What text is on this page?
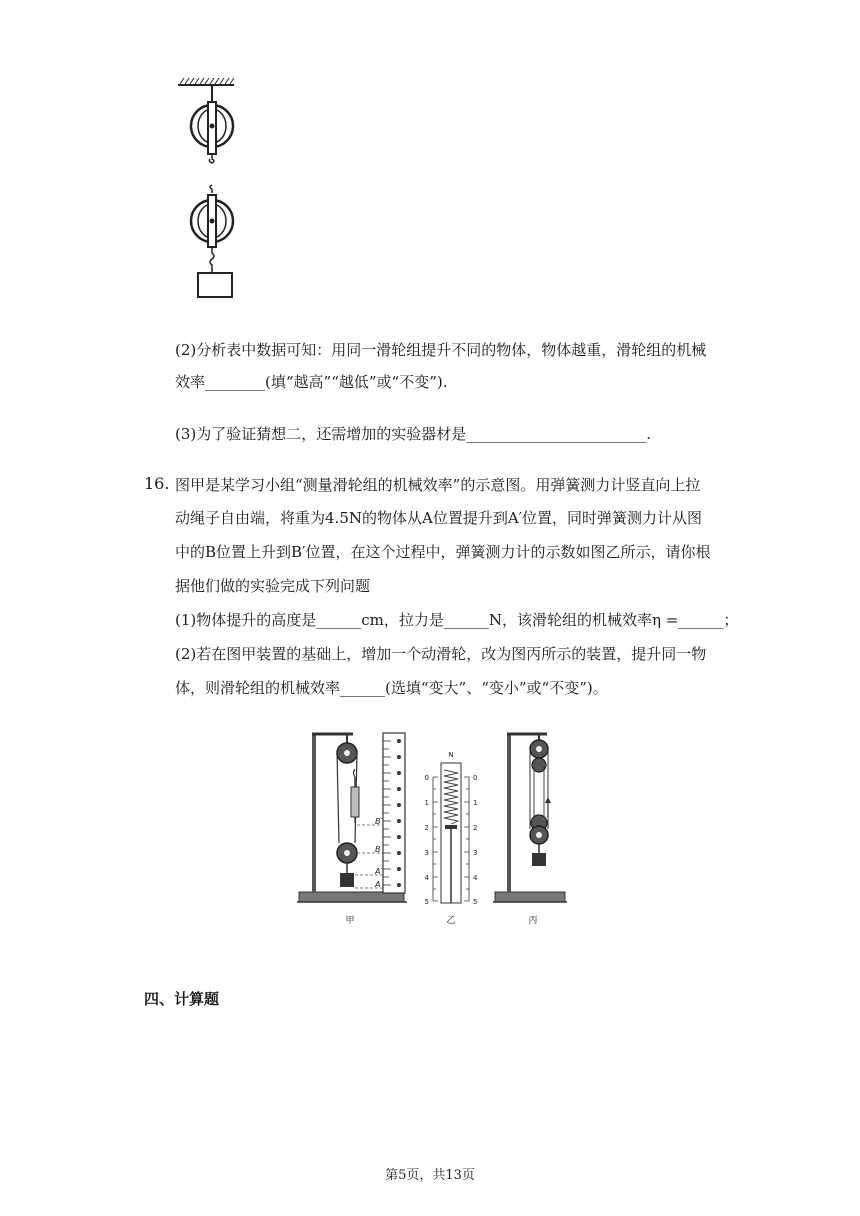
(2)分析表中数据可知：用同一滑轮组提升不同的物体，物体越重，滑轮组的机械
效率________(填“越高”“越低”或“不变”).
(3)为了验证猜想二，还需增加的实验器材是________________________.
16. 图甲是某学习小组“测量滑轮组的机械效率”的示意图。用弹簧测力计竖直向上拉
动绳子自由端，将重为4.5N的物体从A位置提升到A′位置，同时弹簧测力计从图
中的B位置上升到B′位置，在这个过程中，弹簧测力计的示数如图乙所示，请你根
据他们做的实验完成下列问题
(1)物体提升的高度是______cm，拉力是______N，该滑轮组的机械效率η =______；
(2)若在图甲装置的基础上，增加一个动滑轮，改为图丙所示的装置，提升同一物
体，则滑轮组的机械效率______(选填“变大”、“变小”或“不变”)。
B′
B
A′
A
N
0
1
2
3
4
5
0
1
2
3
4
5
甲	乙	丙
四、计算题
第5页，共13页
